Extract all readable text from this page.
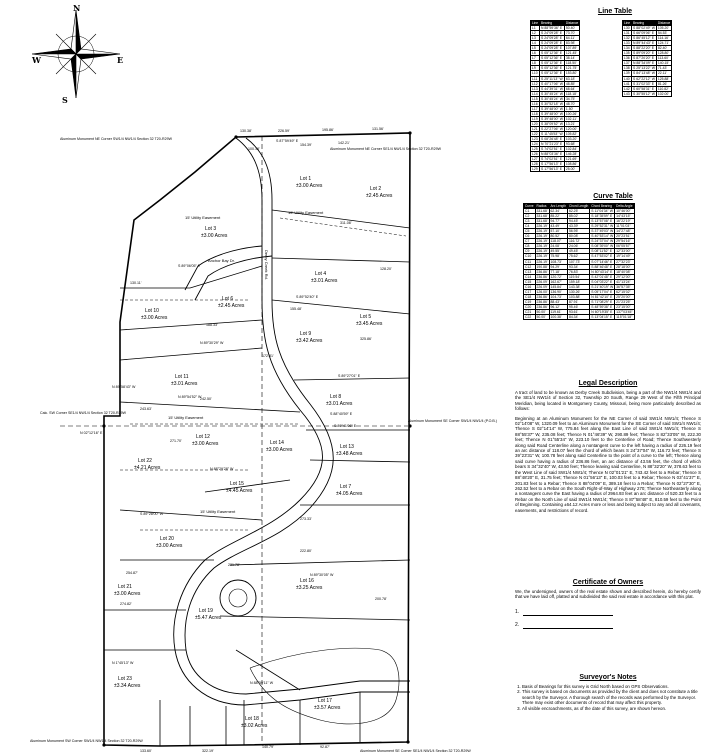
N
S
E
W
Lot 1
±3.00 Acres	Lot 2
±2.45 Acres
Lot 3
±3.00 Acres
Lot 4
±3.01 Acres
Lot 5
±3.45 Acres
Lot 6
±2.45 Acres
Lot 7
±4.05 Acres
Lot 8
±3.01 Acres
Lot 9
±3.42 Acres
Lot 10
±3.00 Acres
Lot 11
±3.01 Acres
Lot 12
±3.00 Acres	Lot 13
±3.48 Acres
Lot 14
±3.00 Acres
Lot 15
±4.45 Acres
Lot 16
±3.25 Acres
Lot 17
±3.57 Acres
Lot 18
±3.02 Acres
Lot 19
±5.47 Acres
Lot 20
±3.00 Acres
Lot 21
±3.00 Acres
Lot 22
±4.21 Acres
Lot 23
±3.34 Acres
Anchor Bay Dr.	Derby Creek Rd.
15' Utility Easement
15' Utility Easement
15' Utility Easement
15' Utility Easement
Aluminum Monument NE Corner SW1/4 NW1/4 Section 32 T20-R29W
Aluminum Monument NE Corner SE1/4 NW1/4 Section 32 T20-R29W
Aluminum Monument SE Corner SW1/4 NW1/4 (P.O.B.)
Aluminum Monument SW Corner SW1/4 NW1/4 Section 32 T20-R29W
Aluminum Monument SE Corner SE1/4 NW1/4 Section 32 T20-R29W
Calc. SW Corner SE1/4 NW1/4 Section 32 T20-R29W
130.38'	226.59'	195.86'	131.56'
142.21'
154.39'
100.18'
128.20'
155.48'
325.86'
130.11'
172.81'
243.63'
271.70'
274.82'
222.80'
273.33'
254.87'
322.19'
140.79'	92.87'
133.60'
200.78'
231.78'
242.50'
188.33'
311.08'
S 87°59'49" E
S 89°06'05" E
S 89°52'40" E
N 89°30'29" W
S 89°27'01" E
S 88°40'59" E
N 89°54'52" W
S 89°41'06" E
N 88°29'28" W
S 89°28'00" W
N 89°30'05" W
N 1°45'13" W
N 89°58'43" W
N 02°12'16" E
N 88°59'11" W
Line Table
Line	Bearing	Distance
L1	N 88°59'36" E	50.40'
L2	S 24°09'28" E	73.70'
L3	S 24°09'28" E	64.11'
L4	S 24°09'28" E	83.98'
L5	S 24°09'28" E	107.89'
L6	S 05°12'36" E	121.45'
L7	S 05°12'36" E	38.14'
L8	S 05°12'36" E	118.50'
L9	S 05°12'36" E	121.75'
L10	S 05°12'36" E	153.80'
L11	S 25°11'13" W	63.18'
L12	S 40°17'06" W	48.85'
L13	S 44°39'31" W	68.64'
L14	S 30°45'24" W	118.18'
L15	S 30°45'24" W	34.75'
L16	S 30°52'18" W	48.70'
L17	S 39°48'00" W	1.50'
L18	S 39°48'00" W	100.26'
L19	S 39°48'00" W	102.11'
L20	S 38°09'52" W	13.21'
L21	S 22°27'06" W	120.00'
L22	S 11°45'53" W	105.82'
L23	S 08°26'48" E	103.20'
L24	N 70°21'23" E	93.68'
L25	S 74°02'51" E	102.84'
L26	N 88°03'36" E	146.28'
L27	S 74°02'51" E	121.69'
L28	S 17°56'13" E	108.86'
L29	S 17°56'13" E	25.00'
Line	Bearing	Distance
L30	S 88°02'49" W	105.20'
L31	S 66°09'06" E	54.53'
L32	S 86°45'12" E	114.16'
L33	N 89°44'43" E	124.71'
L34	S 88°22'20" E	82.40'
L35	S 89°09'20" E	128.80'
L36	S 87°20'20" E	113.60'
L37	N 88°34'09" E	140.15'
L38	S 25°13'22" W	71.43'
L39	S 84°13'48" W	22.11'
L40	S 62°22'12" W	125.88'
L41	S 31°02'33" E	81.26'
L42	S 60°58'31" E	110.82'
L43	S 30°55'12" W	102.00'
Curve Table
Curve	Radius	Arc Length	Chord Length	Chord Bearing	Delta Angle
C1	331.68'	62.34'	62.25'	S 11°04'34" W	10°46'00"
C2	331.68'	85.22'	85.02'	S 18°35'59" E	14°43'15"
C3	331.68'	94.77'	94.45'	S 13°57'08" E	16°22'19"
C4	226.19'	43.49'	43.39'	S 29°52'31" W	11°01'03"
C5	226.19'	57.10'	56.95'	S 37°49'03" W	14°27'48"
C6	226.19'	80.52'	80.08'	S 40°53'14" W	20°23'51"
C7	226.19'	118.07'	116.72'	S 24°37'04" W	29°54'16"
C8	226.19'	24.08'	24.06'	S 08°39'00" W	06°05'57"
C9	226.19'	49.55'	49.45'	S 08°11'52" E	12°33'00"
C10	226.19'	75.98'	75.62'	S 47°53'02" E	19°14'49"
C11	226.19'	108.73'	107.73'	S 07°14'46" E	27°32'23"
C12	190.88'	94.29'	93.34'	S 88°46'48" E	28°18'00"
C13	236.86'	77.18'	76.83'	N 80°43'14" E	18°40'08"
C14	236.86'	120.72'	119.54'	S 42°01'48" E	29°12'00"
C15	226.09'	162.67'	159.18'	S 04°03'22" E	41°13'24"
C16	226.09'	145.84'	143.38'	S 21°40'19" W	36°57'35"
C17	126.00'	136.90'	130.26'	S 05°17'04" E	62°15'02"
C18	236.86'	104.73'	103.88'	N 81°42'10" E	25°20'00"
C19	236.86'	88.43'	87.91'	S 71°08'29" E	21°23'25"
C20	236.86'	96.12'	95.46'	S 48°59'38" E	23°15'00"
C21	50.00'	119.61'	93.61'	N 60°19'35" E	137°03'45"
C22	50.00'	100.38'	84.34'	S 13°04'15" E	115°01'18"
Legal Description
A tract of land to be known as Derby Creek Subdivision, being a part of the NW1/4 NW1/4 and the SE1/4 NW1/4 of Section 32, Township 20 South, Range 29 West of the Fifth Principal Meridian, being located in Montgomery County, Missouri, being more particularly described as follows:
Beginning at an Aluminum Monument for the NE Corner of said SW1/4 NW1/4; Thence S 02°14'08" W, 1320.09 feet to an Aluminum Monument for the SE Corner of said SW1/4 NW1/4; Thence S 02°14'14" W, 775.84 feet along the East Line of said SW1/4 NW1/4; Thence S 88°55'37" W, 235.08 feet; Thence N 01°46'39" W, 290.89 feet; Thence S 82°33'05" W, 222.30 feet; Thence N 01°55'34" W, 223.10 feet to the Centerline of Road; Thence Southwesterly along said Road Centerline along a nontangent curve to the left having a radius of 226.19 feet an arc distance of 118.07 feet the chord of which bears S 24°37'04" W, 116.72 feet; Thence S 39°23'31" W, 100.78 feet along said Centerline to the point of a curve to the left; Thence along said curve having a radius of 236.86 feet, an arc distance of 43.56 feet, the chord of which bears S 34°32'40" W, 43.50 feet; Thence leaving said Centerline, N 88°32'20" W, 378.63 feet to the West Line of said SW1/4 NW1/4; Thence N 02°01'21" E, 743.42 feet to a Rebar; Thence S 88°48'20" E, 31.75 feet; Thence N 01°56'13" E, 100.03 feet to a Rebar; Thence N 03°41'37" E, 201.83 feet to a Rebar; Thence S 88°04'09" E, 389.18 feet to a Rebar; Thence N 02°27'30" E, 262.52 feet to a Rebar on the South Right-of-Way of Highway 270; Thence Northeasterly along a nontangent curve the East having a radius of 2964.93 feet an arc distance of 520.33 feet to a Rebar on the North Line of said SW1/4 NW1/4; Thence S 87°58'48" E, 810.59 feet to the Point of Beginning. Containing ±64.12 Acres more or less and being subject to any and all covenants, easements, and restrictions of record.
Certificate of Owners
We, the undersigned, owners of the real estate shown and described herein, do hereby certify that we have laid off, platted and subdivided the said real estate in accordance with this plat.
1.
2.
Surveyor's Notes
1. Basis of Bearings for this survey is Grid North based on GPS Observations.
2. This survey is based on documents as provided by the client and does not constitute a title search by the Surveyor. A thorough search of the records was performed by the Surveyor. There may exist other documents of record that may affect this property.
3. All visible encroachments, as of the date of this survey, are shown hereon.
